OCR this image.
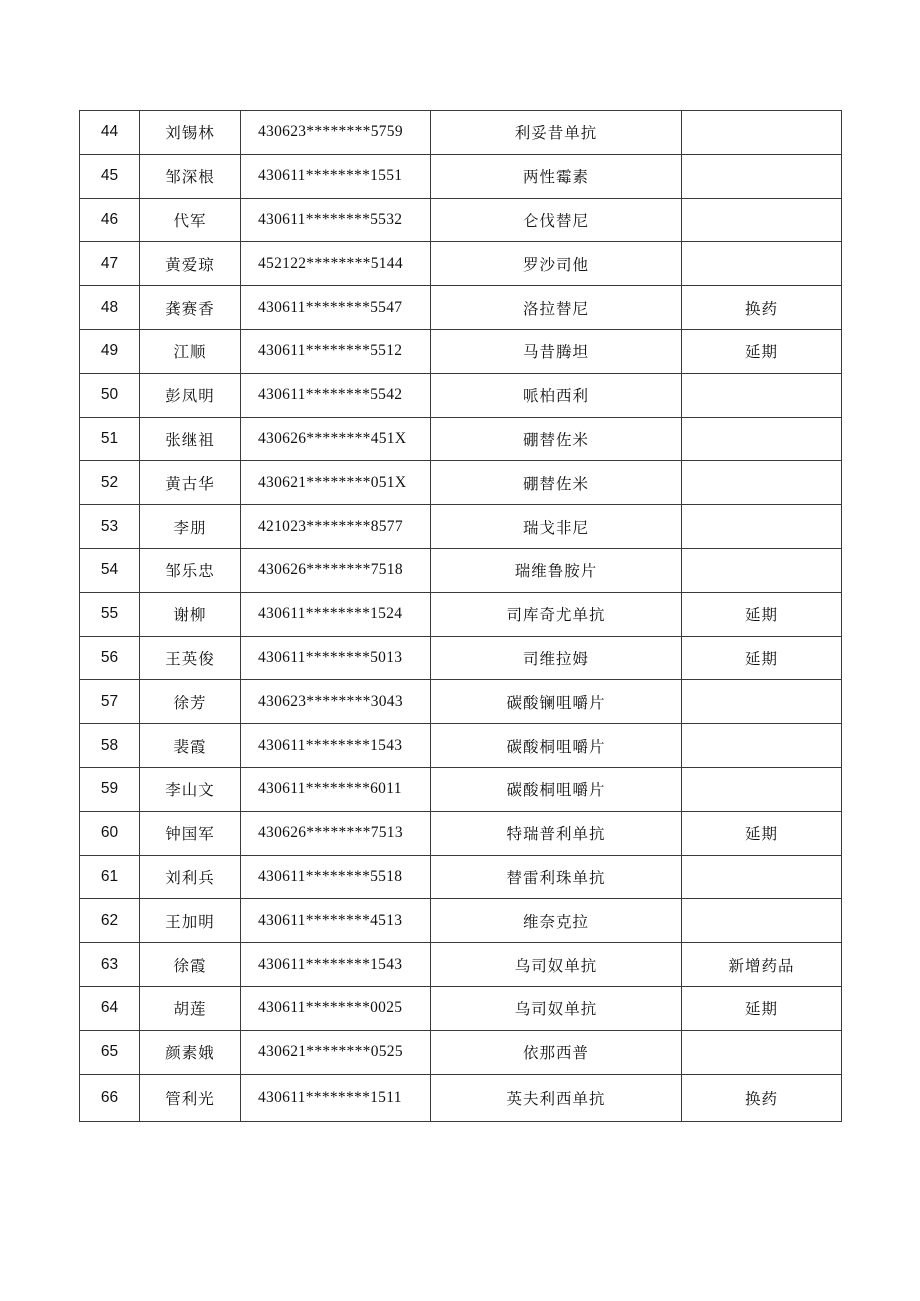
44	刘锡林	430623********5759	利妥昔单抗	
45	邹深根	430611********1551	两性霉素	
46	代军	430611********5532	仑伐替尼	
47	黄爱琼	452122********5144	罗沙司他	
48	龚赛香	430611********5547	洛拉替尼	换药
49	江顺	430611********5512	马昔腾坦	延期
50	彭凤明	430611********5542	哌柏西利	
51	张继祖	430626********451X	硼替佐米	
52	黄古华	430621********051X	硼替佐米	
53	李朋	421023********8577	瑞戈非尼	
54	邹乐忠	430626********7518	瑞维鲁胺片	
55	谢柳	430611********1524	司库奇尤单抗	延期
56	王英俊	430611********5013	司维拉姆	延期
57	徐芳	430623********3043	碳酸镧咀嚼片	
58	裴霞	430611********1543	碳酸桐咀嚼片	
59	李山文	430611********6011	碳酸桐咀嚼片	
60	钟国军	430626********7513	特瑞普利单抗	延期
61	刘利兵	430611********5518	替雷利珠单抗	
62	王加明	430611********4513	维奈克拉	
63	徐霞	430611********1543	乌司奴单抗	新增药品
64	胡莲	430611********0025	乌司奴单抗	延期
65	颜素娥	430621********0525	依那西普	
66	管利光	430611********1511	英夫利西单抗	换药
